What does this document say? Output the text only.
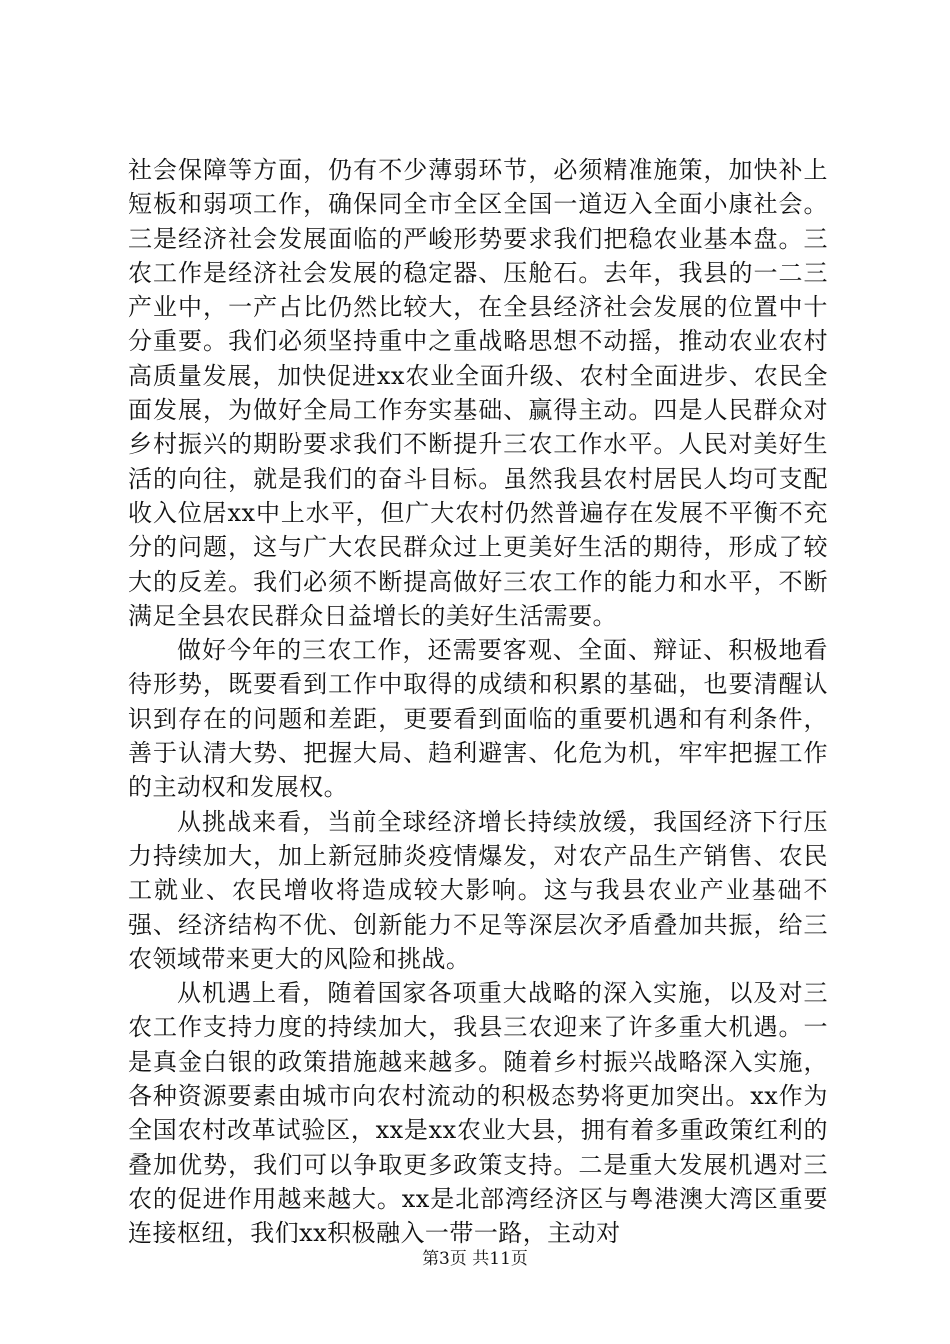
社会保障等方面，仍有不少薄弱环节，必须精准施策，加快补上短板和弱项工作，确保同全市全区全国一道迈入全面小康社会。三是经济社会发展面临的严峻形势要求我们把稳农业基本盘。三农工作是经济社会发展的稳定器、压舱石。去年，我县的一二三产业中，一产占比仍然比较大，在全县经济社会发展的位置中十分重要。我们必须坚持重中之重战略思想不动摇，推动农业农村高质量发展，加快促进xx农业全面升级、农村全面进步、农民全面发展，为做好全局工作夯实基础、赢得主动。四是人民群众对乡村振兴的期盼要求我们不断提升三农工作水平。人民对美好生活的向往，就是我们的奋斗目标。虽然我县农村居民人均可支配收入位居xx中上水平，但广大农村仍然普遍存在发展不平衡不充分的问题，这与广大农民群众过上更美好生活的期待，形成了较大的反差。我们必须不断提高做好三农工作的能力和水平，不断满足全县农民群众日益增长的美好生活需要。

做好今年的三农工作，还需要客观、全面、辩证、积极地看待形势，既要看到工作中取得的成绩和积累的基础，也要清醒认识到存在的问题和差距，更要看到面临的重要机遇和有利条件，善于认清大势、把握大局、趋利避害、化危为机，牢牢把握工作的主动权和发展权。

从挑战来看，当前全球经济增长持续放缓，我国经济下行压力持续加大，加上新冠肺炎疫情爆发，对农产品生产销售、农民工就业、农民增收将造成较大影响。这与我县农业产业基础不强、经济结构不优、创新能力不足等深层次矛盾叠加共振，给三农领域带来更大的风险和挑战。

从机遇上看，随着国家各项重大战略的深入实施，以及对三农工作支持力度的持续加大，我县三农迎来了许多重大机遇。一是真金白银的政策措施越来越多。随着乡村振兴战略深入实施，各种资源要素由城市向农村流动的积极态势将更加突出。xx作为全国农村改革试验区，xx是xx农业大县，拥有着多重政策红利的叠加优势，我们可以争取更多政策支持。二是重大发展机遇对三农的促进作用越来越大。xx是北部湾经济区与粤港澳大湾区重要连接枢纽，我们xx积极融入一带一路，主动对

第3页 共11页
